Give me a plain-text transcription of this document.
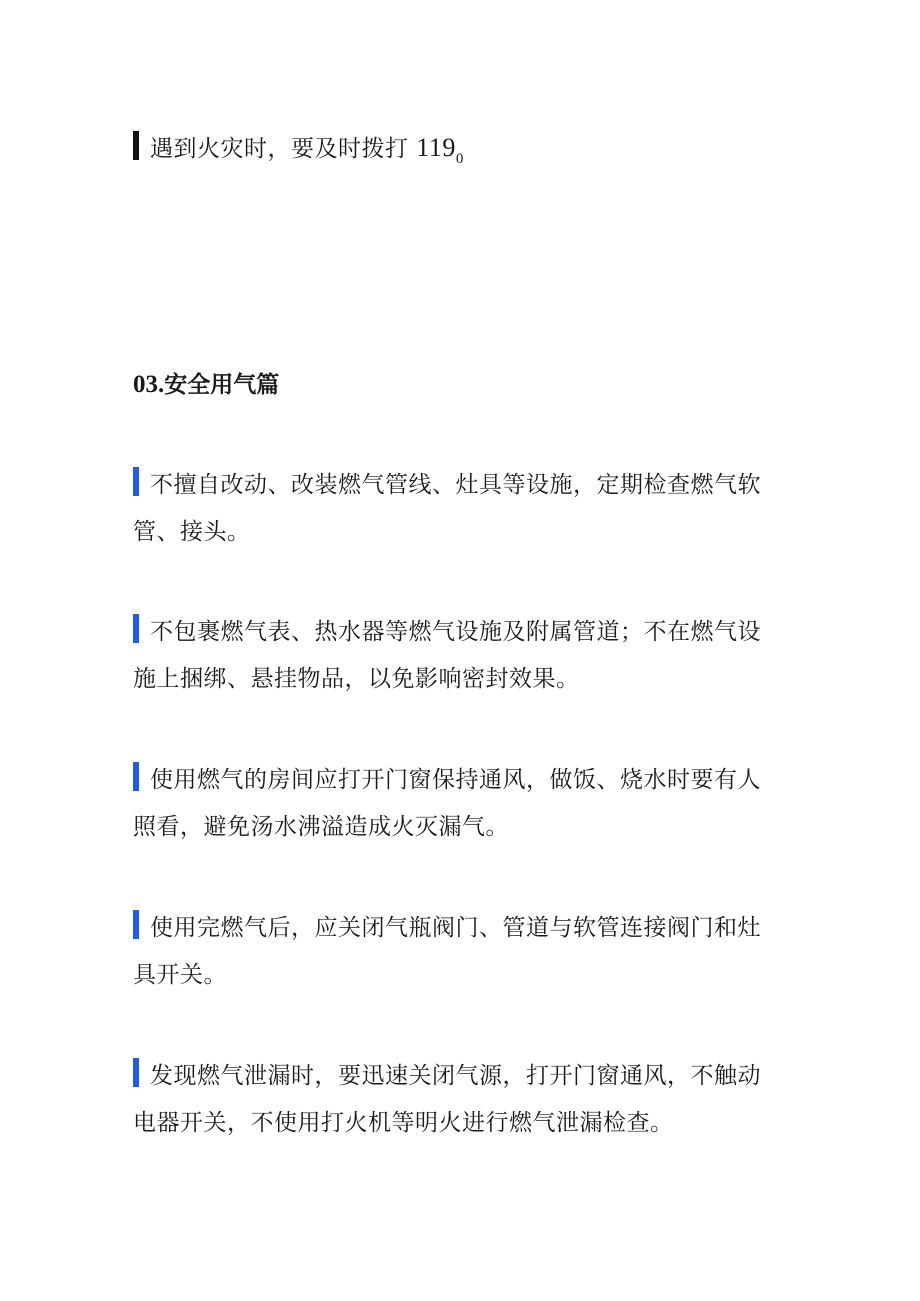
遇到火灾时，要及时拨打 $119_0$

03.安全用气篇

不擅自改动、改装燃气管线、灶具等设施，定期检查燃气软管、接头。

不包裹燃气表、热水器等燃气设施及附属管道；不在燃气设施上捆绑、悬挂物品，以免影响密封效果。

使用燃气的房间应打开门窗保持通风，做饭、烧水时要有人照看，避免汤水沸溢造成火灭漏气。

使用完燃气后，应关闭气瓶阀门、管道与软管连接阀门和灶具开关。

发现燃气泄漏时，要迅速关闭气源，打开门窗通风，不触动电器开关，不使用打火机等明火进行燃气泄漏检查。
